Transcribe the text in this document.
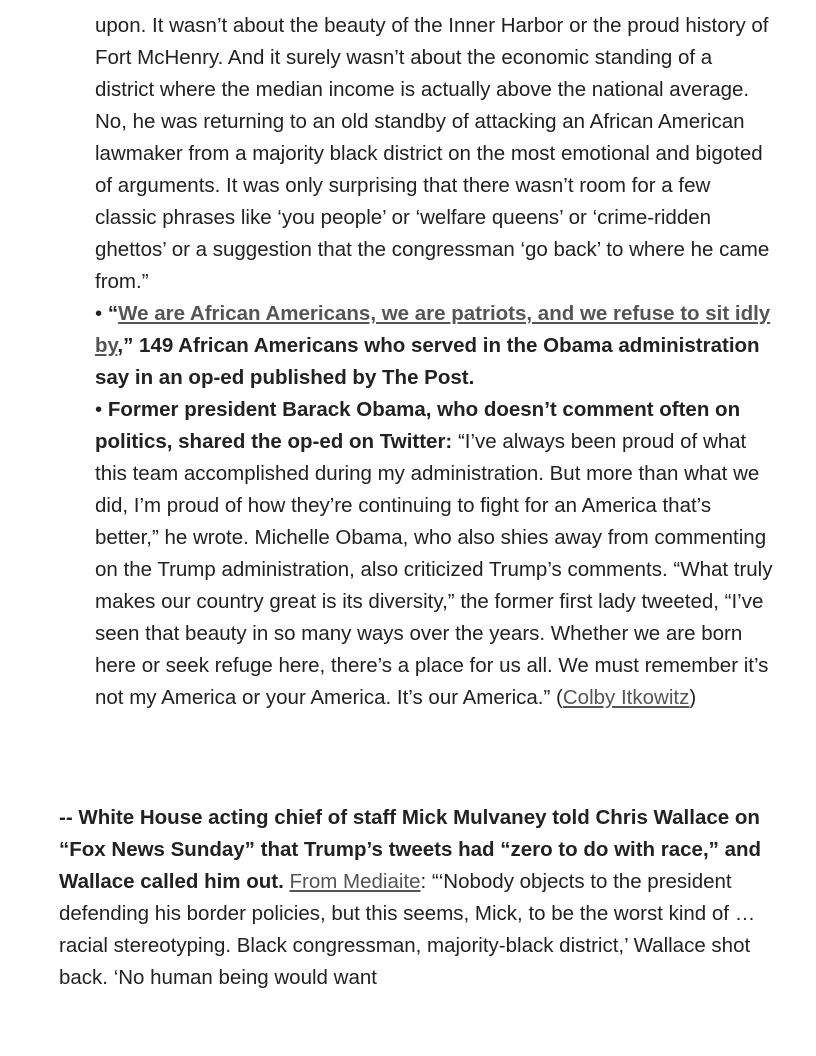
upon. It wasn’t about the beauty of the Inner Harbor or the proud history of Fort McHenry. And it surely wasn’t about the economic standing of a district where the median income is actually above the national average. No, he was returning to an old standby of attacking an African American lawmaker from a majority black district on the most emotional and bigoted of arguments. It was only surprising that there wasn’t room for a few classic phrases like ‘you people’ or ‘welfare queens’ or ‘crime-ridden ghettos’ or a suggestion that the congressman ‘go back’ to where he came from.”

• “We are African Americans, we are patriots, and we refuse to sit idly by,” 149 African Americans who served in the Obama administration say in an op-ed published by The Post.

• Former president Barack Obama, who doesn’t comment often on politics, shared the op-ed on Twitter: “I’ve always been proud of what this team accomplished during my administration. But more than what we did, I’m proud of how they’re continuing to fight for an America that’s better,” he wrote. Michelle Obama, who also shies away from commenting on the Trump administration, also criticized Trump’s comments. “What truly makes our country great is its diversity,” the former first lady tweeted, “I’ve seen that beauty in so many ways over the years. Whether we are born here or seek refuge here, there’s a place for us all. We must remember it’s not my America or your America. It’s our America.” (Colby Itkowitz)

-- White House acting chief of staff Mick Mulvaney told Chris Wallace on “Fox News Sunday” that Trump’s tweets had “zero to do with race,” and Wallace called him out. From Mediaite: “‘Nobody objects to the president defending his border policies, but this seems, Mick, to be the worst kind of … racial stereotyping. Black congressman, majority-black district,’ Wallace shot back. ‘No human being would want
